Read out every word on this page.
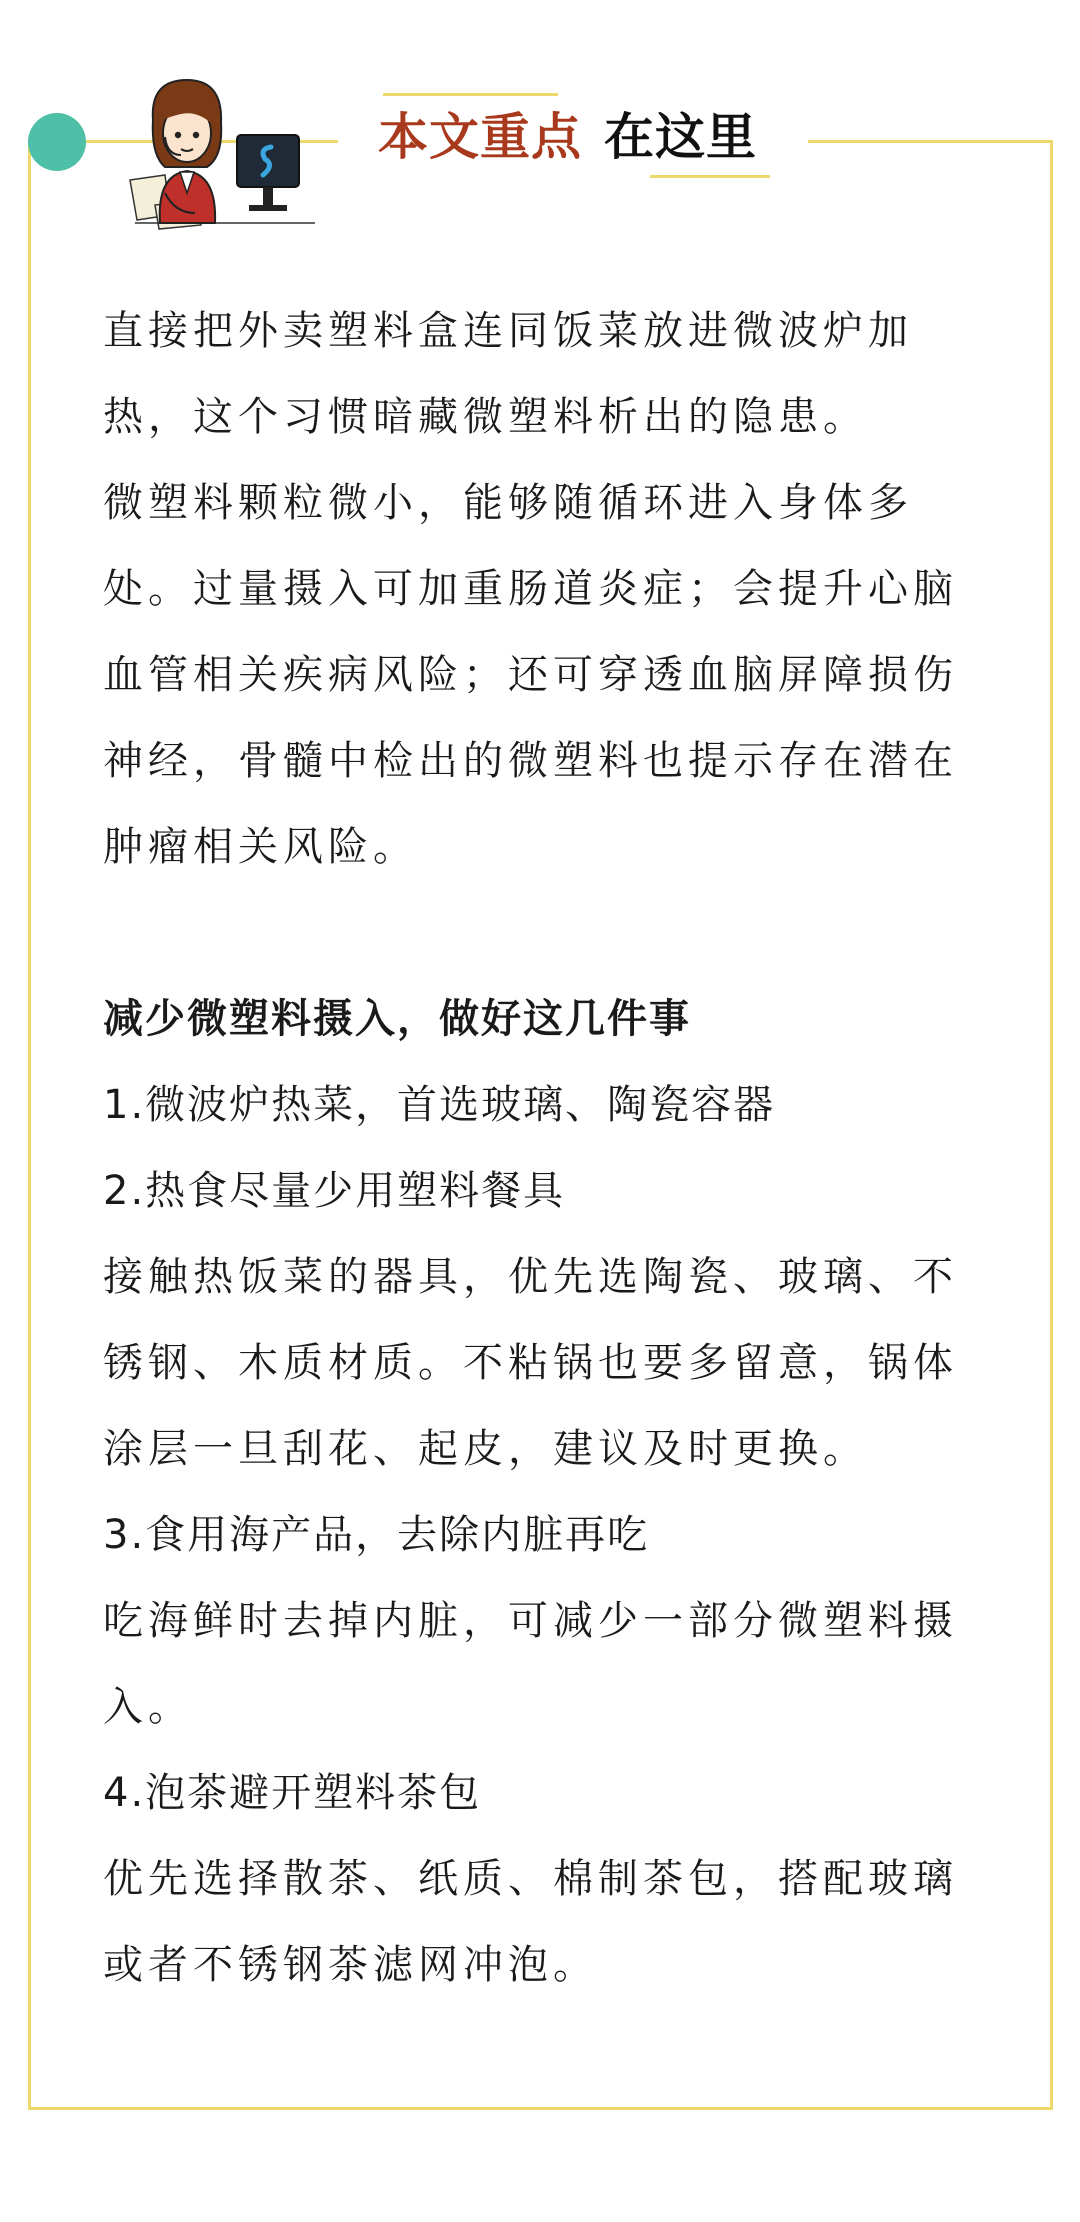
本文重点 在这里

直接把外卖塑料盒连同饭菜放进微波炉加热，这个习惯暗藏微塑料析出的隐患。

微塑料颗粒微小，能够随循环进入身体多处。过量摄入可加重肠道炎症；会提升心脑血管相关疾病风险；还可穿透血脑屏障损伤神经，骨髓中检出的微塑料也提示存在潜在肿瘤相关风险。

减少微塑料摄入，做好这几件事

1.微波炉热菜，首选玻璃、陶瓷容器

2.热食尽量少用塑料餐具

接触热饭菜的器具，优先选陶瓷、玻璃、不锈钢、木质材质。不粘锅也要多留意，锅体涂层一旦刮花、起皮，建议及时更换。

3.食用海产品，去除内脏再吃

吃海鲜时去掉内脏，可减少一部分微塑料摄入。

4.泡茶避开塑料茶包

优先选择散茶、纸质、棉制茶包，搭配玻璃或者不锈钢茶滤网冲泡。
